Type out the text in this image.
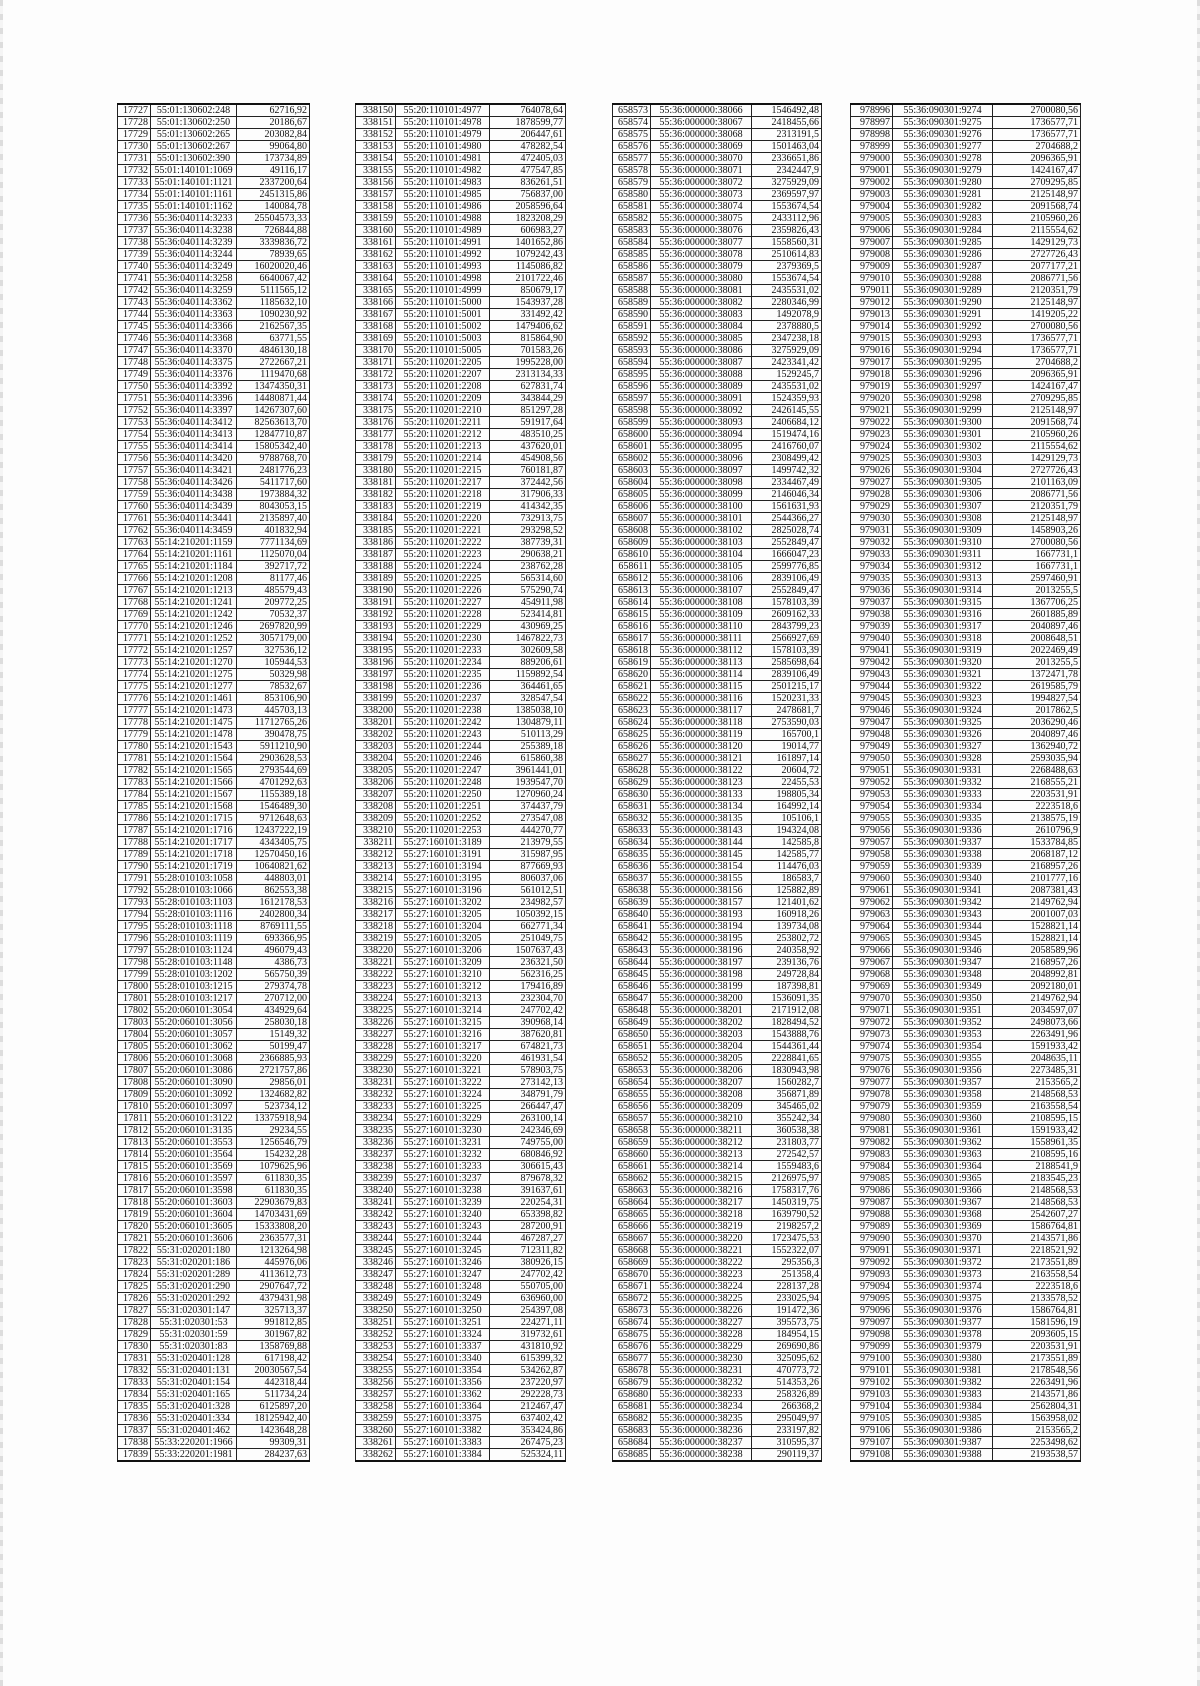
17727	55:01:130602:248	62716,92
17728	55:01:130602:250	20186,67
17729	55:01:130602:265	203082,84
17730	55:01:130602:267	99064,80
17731	55:01:130602:390	173734,89
17732	55:01:140101:1069	49116,17
17733	55:01:140101:1121	2337200,64
17734	55:01:140101:1161	2451315,86
17735	55:01:140101:1162	140084,78
17736	55:36:040114:3233	25504573,33
17737	55:36:040114:3238	726844,88
17738	55:36:040114:3239	3339836,72
17739	55:36:040114:3244	78939,65
17740	55:36:040114:3249	16020020,46
17741	55:36:040114:3258	6640067,42
17742	55:36:040114:3259	5111565,12
17743	55:36:040114:3362	1185632,10
17744	55:36:040114:3363	1090230,92
17745	55:36:040114:3366	2162567,35
17746	55:36:040114:3368	63771,55
17747	55:36:040114:3370	4846130,18
17748	55:36:040114:3375	2722667,21
17749	55:36:040114:3376	1119470,68
17750	55:36:040114:3392	13474350,31
17751	55:36:040114:3396	14480871,44
17752	55:36:040114:3397	14267307,60
17753	55:36:040114:3412	82563613,70
17754	55:36:040114:3413	12847710,87
17755	55:36:040114:3414	15805342,40
17756	55:36:040114:3420	9788768,70
17757	55:36:040114:3421	2481776,23
17758	55:36:040114:3426	5411717,60
17759	55:36:040114:3438	1973884,32
17760	55:36:040114:3439	8043053,15
17761	55:36:040114:3441	2135897,40
17762	55:36:040114:3459	401832,94
17763	55:14:210201:1159	7771134,69
17764	55:14:210201:1161	1125070,04
17765	55:14:210201:1184	392717,72
17766	55:14:210201:1208	81177,46
17767	55:14:210201:1213	485579,43
17768	55:14:210201:1241	209772,25
17769	55:14:210201:1242	70532,37
17770	55:14:210201:1246	2697820,99
17771	55:14:210201:1252	3057179,00
17772	55:14:210201:1257	327536,12
17773	55:14:210201:1270	105944,53
17774	55:14:210201:1275	50329,98
17775	55:14:210201:1277	78532,67
17776	55:14:210201:1461	853106,90
17777	55:14:210201:1473	445703,13
17778	55:14:210201:1475	11712765,26
17779	55:14:210201:1478	390478,75
17780	55:14:210201:1543	5911210,90
17781	55:14:210201:1564	2903628,53
17782	55:14:210201:1565	2793544,69
17783	55:14:210201:1566	4701292,63
17784	55:14:210201:1567	1155389,18
17785	55:14:210201:1568	1546489,30
17786	55:14:210201:1715	9712648,63
17787	55:14:210201:1716	12437222,19
17788	55:14:210201:1717	4343405,75
17789	55:14:210201:1718	12570450,16
17790	55:14:210201:1719	10640821,62
17791	55:28:010103:1058	448803,01
17792	55:28:010103:1066	862553,38
17793	55:28:010103:1103	1612178,53
17794	55:28:010103:1116	2402800,34
17795	55:28:010103:1118	8769111,55
17796	55:28:010103:1119	693366,95
17797	55:28:010103:1124	496079,43
17798	55:28:010103:1148	4386,73
17799	55:28:010103:1202	565750,39
17800	55:28:010103:1215	279374,78
17801	55:28:010103:1217	270712,00
17802	55:20:060101:3054	434929,64
17803	55:20:060101:3056	258030,18
17804	55:20:060101:3057	15149,32
17805	55:20:060101:3062	50199,47
17806	55:20:060101:3068	2366885,93
17807	55:20:060101:3086	2721757,86
17808	55:20:060101:3090	29856,01
17809	55:20:060101:3092	1324682,82
17810	55:20:060101:3097	523734,12
17811	55:20:060101:3122	13375918,94
17812	55:20:060101:3135	29234,55
17813	55:20:060101:3553	1256546,79
17814	55:20:060101:3564	154232,28
17815	55:20:060101:3569	1079625,96
17816	55:20:060101:3597	611830,35
17817	55:20:060101:3598	611830,35
17818	55:20:060101:3603	22903679,83
17819	55:20:060101:3604	14703431,69
17820	55:20:060101:3605	15333808,20
17821	55:20:060101:3606	2363577,31
17822	55:31:020201:180	1213264,98
17823	55:31:020201:186	445976,06
17824	55:31:020201:289	4113612,73
17825	55:31:020201:290	2907647,72
17826	55:31:020201:292	4379431,98
17827	55:31:020301:147	325713,37
17828	55:31:020301:53	991812,85
17829	55:31:020301:59	301967,82
17830	55:31:020301:83	1358769,88
17831	55:31:020401:128	617198,42
17832	55:31:020401:131	20030567,54
17833	55:31:020401:154	442318,44
17834	55:31:020401:165	511734,24
17835	55:31:020401:328	6125897,20
17836	55:31:020401:334	18125942,40
17837	55:31:020401:462	1423648,28
17838	55:33:220201:1966	99309,31
17839	55:33:220201:1981	284237,63
338150	55:20:110101:4977	764078,64
338151	55:20:110101:4978	1878599,77
338152	55:20:110101:4979	206447,61
338153	55:20:110101:4980	478282,54
338154	55:20:110101:4981	472405,03
338155	55:20:110101:4982	477547,85
338156	55:20:110101:4983	836261,51
338157	55:20:110101:4985	756837,00
338158	55:20:110101:4986	2058596,64
338159	55:20:110101:4988	1823208,29
338160	55:20:110101:4989	606983,27
338161	55:20:110101:4991	1401652,86
338162	55:20:110101:4992	1079242,43
338163	55:20:110101:4993	1145086,82
338164	55:20:110101:4998	2101722,46
338165	55:20:110101:4999	850679,17
338166	55:20:110101:5000	1543937,28
338167	55:20:110101:5001	331492,42
338168	55:20:110101:5002	1479406,62
338169	55:20:110101:5003	815864,90
338170	55:20:110101:5005	701583,26
338171	55:20:110201:2205	1995228,00
338172	55:20:110201:2207	2313134,33
338173	55:20:110201:2208	627831,74
338174	55:20:110201:2209	343844,29
338175	55:20:110201:2210	851297,28
338176	55:20:110201:2211	591917,64
338177	55:20:110201:2212	483510,25
338178	55:20:110201:2213	437620,01
338179	55:20:110201:2214	454908,56
338180	55:20:110201:2215	760181,87
338181	55:20:110201:2217	372442,56
338182	55:20:110201:2218	317906,33
338183	55:20:110201:2219	414342,35
338184	55:20:110201:2220	732913,75
338185	55:20:110201:2221	293298,52
338186	55:20:110201:2222	387739,31
338187	55:20:110201:2223	290638,21
338188	55:20:110201:2224	238762,28
338189	55:20:110201:2225	565314,60
338190	55:20:110201:2226	575290,74
338191	55:20:110201:2227	454911,98
338192	55:20:110201:2228	523414,81
338193	55:20:110201:2229	430969,25
338194	55:20:110201:2230	1467822,73
338195	55:20:110201:2233	302609,58
338196	55:20:110201:2234	889206,61
338197	55:20:110201:2235	1159892,54
338198	55:20:110201:2236	364461,65
338199	55:20:110201:2237	328547,54
338200	55:20:110201:2238	1385038,10
338201	55:20:110201:2242	1304879,11
338202	55:20:110201:2243	510113,29
338203	55:20:110201:2244	255389,18
338204	55:20:110201:2246	615860,38
338205	55:20:110201:2247	3961441,01
338206	55:20:110201:2248	1939547,70
338207	55:20:110201:2250	1270960,24
338208	55:20:110201:2251	374437,79
338209	55:20:110201:2252	273547,08
338210	55:20:110201:2253	444270,77
338211	55:27:160101:3189	213979,55
338212	55:27:160101:3191	315987,95
338213	55:27:160101:3194	877669,93
338214	55:27:160101:3195	806037,06
338215	55:27:160101:3196	561012,51
338216	55:27:160101:3202	234982,57
338217	55:27:160101:3205	1050392,15
338218	55:27:160101:3204	662771,34
338219	55:27:160101:3205	251049,75
338220	55:27:160101:3206	1507637,43
338221	55:27:160101:3209	236321,50
338222	55:27:160101:3210	562316,25
338223	55:27:160101:3212	179416,89
338224	55:27:160101:3213	232304,70
338225	55:27:160101:3214	247702,42
338226	55:27:160101:3215	390968,14
338227	55:27:160101:3216	387620,81
338228	55:27:160101:3217	674821,73
338229	55:27:160101:3220	461931,54
338230	55:27:160101:3221	578903,75
338231	55:27:160101:3222	273142,13
338232	55:27:160101:3224	348791,79
338233	55:27:160101:3225	266447,47
338234	55:27:160101:3229	263100,14
338235	55:27:160101:3230	242346,69
338236	55:27:160101:3231	749755,00
338237	55:27:160101:3232	680846,92
338238	55:27:160101:3233	306615,43
338239	55:27:160101:3237	879678,32
338240	55:27:160101:3238	391637,61
338241	55:27:160101:3239	220254,31
338242	55:27:160101:3240	653398,82
338243	55:27:160101:3243	287200,91
338244	55:27:160101:3244	467287,27
338245	55:27:160101:3245	712311,82
338246	55:27:160101:3246	380926,15
338247	55:27:160101:3247	247702,42
338248	55:27:160101:3248	550705,00
338249	55:27:160101:3249	636960,00
338250	55:27:160101:3250	254397,08
338251	55:27:160101:3251	224271,11
338252	55:27:160101:3324	319732,61
338253	55:27:160101:3337	431810,92
338254	55:27:160101:3340	615399,32
338255	55:27:160101:3354	534262,87
338256	55:27:160101:3356	237220,97
338257	55:27:160101:3362	292228,73
338258	55:27:160101:3364	212467,47
338259	55:27:160101:3375	637402,42
338260	55:27:160101:3382	353424,86
338261	55:27:160101:3383	267475,23
338262	55:27:160101:3384	525324,11
658573	55:36:000000:38066	1546492,48
658574	55:36:000000:38067	2418455,66
658575	55:36:000000:38068	2313191,5
658576	55:36:000000:38069	1501463,04
658577	55:36:000000:38070	2336651,86
658578	55:36:000000:38071	2342447,9
658579	55:36:000000:38072	3275929,09
658580	55:36:000000:38073	2369597,97
658581	55:36:000000:38074	1553674,54
658582	55:36:000000:38075	2433112,96
658583	55:36:000000:38076	2359826,43
658584	55:36:000000:38077	1558560,31
658585	55:36:000000:38078	2510614,83
658586	55:36:000000:38079	2379369,5
658587	55:36:000000:38080	1553674,54
658588	55:36:000000:38081	2435531,02
658589	55:36:000000:38082	2280346,99
658590	55:36:000000:38083	1492078,9
658591	55:36:000000:38084	2378880,5
658592	55:36:000000:38085	2347238,18
658593	55:36:000000:38086	3275929,09
658594	55:36:000000:38087	2423341,42
658595	55:36:000000:38088	1529245,7
658596	55:36:000000:38089	2435531,02
658597	55:36:000000:38091	1524359,93
658598	55:36:000000:38092	2426145,55
658599	55:36:000000:38093	2406684,12
658600	55:36:000000:38094	1519474,16
658601	55:36:000000:38095	2416760,07
658602	55:36:000000:38096	2308499,42
658603	55:36:000000:38097	1499742,32
658604	55:36:000000:38098	2334467,49
658605	55:36:000000:38099	2146046,34
658606	55:36:000000:38100	1561631,93
658607	55:36:000000:38101	2544366,27
658608	55:36:000000:38102	2825028,74
658609	55:36:000000:38103	2552849,47
658610	55:36:000000:38104	1666047,23
658611	55:36:000000:38105	2599776,85
658612	55:36:000000:38106	2839106,49
658613	55:36:000000:38107	2552849,47
658614	55:36:000000:38108	1578103,39
658615	55:36:000000:38109	2609162,33
658616	55:36:000000:38110	2843799,23
658617	55:36:000000:38111	2566927,69
658618	55:36:000000:38112	1578103,39
658619	55:36:000000:38113	2585698,64
658620	55:36:000000:38114	2839106,49
658621	55:36:000000:38115	2501215,17
658622	55:36:000000:38116	1520231,33
658623	55:36:000000:38117	2478681,7
658624	55:36:000000:38118	2753590,03
658625	55:36:000000:38119	165700,1
658626	55:36:000000:38120	19014,77
658627	55:36:000000:38121	161897,14
658628	55:36:000000:38122	20604,72
658629	55:36:000000:38123	22455,53
658630	55:36:000000:38133	198805,34
658631	55:36:000000:38134	164992,14
658632	55:36:000000:38135	105106,1
658633	55:36:000000:38143	194324,08
658634	55:36:000000:38144	142585,8
658635	55:36:000000:38145	142585,77
658636	55:36:000000:38154	114476,03
658637	55:36:000000:38155	186583,7
658638	55:36:000000:38156	125882,89
658639	55:36:000000:38157	121401,62
658640	55:36:000000:38193	160918,26
658641	55:36:000000:38194	139734,08
658642	55:36:000000:38195	253802,72
658643	55:36:000000:38196	240358,92
658644	55:36:000000:38197	239136,76
658645	55:36:000000:38198	249728,84
658646	55:36:000000:38199	187398,81
658647	55:36:000000:38200	1536091,35
658648	55:36:000000:38201	2171912,08
658649	55:36:000000:38202	1828494,52
658650	55:36:000000:38203	1543888,76
658651	55:36:000000:38204	1544361,44
658652	55:36:000000:38205	2228841,65
658653	55:36:000000:38206	1830943,98
658654	55:36:000000:38207	1560282,7
658655	55:36:000000:38208	356871,89
658656	55:36:000000:38209	345465,02
658657	55:36:000000:38210	355242,34
658658	55:36:000000:38211	360538,38
658659	55:36:000000:38212	231803,77
658660	55:36:000000:38213	272542,57
658661	55:36:000000:38214	1559483,6
658662	55:36:000000:38215	2126975,97
658663	55:36:000000:38216	1758317,76
658664	55:36:000000:38217	1450319,75
658665	55:36:000000:38218	1639790,52
658666	55:36:000000:38219	2198257,2
658667	55:36:000000:38220	1723475,53
658668	55:36:000000:38221	1552322,07
658669	55:36:000000:38222	295356,3
658670	55:36:000000:38223	251358,4
658671	55:36:000000:38224	228137,28
658672	55:36:000000:38225	233025,94
658673	55:36:000000:38226	191472,36
658674	55:36:000000:38227	395573,75
658675	55:36:000000:38228	184954,15
658676	55:36:000000:38229	269690,86
658677	55:36:000000:38230	325095,62
658678	55:36:000000:38231	470773,72
658679	55:36:000000:38232	514353,26
658680	55:36:000000:38233	258326,89
658681	55:36:000000:38234	266368,2
658682	55:36:000000:38235	295049,97
658683	55:36:000000:38236	233197,82
658684	55:36:000000:38237	310595,37
658685	55:36:000000:38238	290119,37
978996	55:36:090301:9274	2700080,56
978997	55:36:090301:9275	1736577,71
978998	55:36:090301:9276	1736577,71
978999	55:36:090301:9277	2704688,2
979000	55:36:090301:9278	2096365,91
979001	55:36:090301:9279	1424167,47
979002	55:36:090301:9280	2709295,85
979003	55:36:090301:9281	2125148,97
979004	55:36:090301:9282	2091568,74
979005	55:36:090301:9283	2105960,26
979006	55:36:090301:9284	2115554,62
979007	55:36:090301:9285	1429129,73
979008	55:36:090301:9286	2727726,43
979009	55:36:090301:9287	2077177,21
979010	55:36:090301:9288	2086771,56
979011	55:36:090301:9289	2120351,79
979012	55:36:090301:9290	2125148,97
979013	55:36:090301:9291	1419205,22
979014	55:36:090301:9292	2700080,56
979015	55:36:090301:9293	1736577,71
979016	55:36:090301:9294	1736577,71
979017	55:36:090301:9295	2704688,2
979018	55:36:090301:9296	2096365,91
979019	55:36:090301:9297	1424167,47
979020	55:36:090301:9298	2709295,85
979021	55:36:090301:9299	2125148,97
979022	55:36:090301:9300	2091568,74
979023	55:36:090301:9301	2105960,26
979024	55:36:090301:9302	2115554,62
979025	55:36:090301:9303	1429129,73
979026	55:36:090301:9304	2727726,43
979027	55:36:090301:9305	2101163,09
979028	55:36:090301:9306	2086771,56
979029	55:36:090301:9307	2120351,79
979030	55:36:090301:9308	2125148,97
979031	55:36:090301:9309	1458903,26
979032	55:36:090301:9310	2700080,56
979033	55:36:090301:9311	1667731,1
979034	55:36:090301:9312	1667731,1
979035	55:36:090301:9313	2597460,91
979036	55:36:090301:9314	2013255,5
979037	55:36:090301:9315	1367706,25
979038	55:36:090301:9316	2601885,89
979039	55:36:090301:9317	2040897,46
979040	55:36:090301:9318	2008648,51
979041	55:36:090301:9319	2022469,49
979042	55:36:090301:9320	2013255,5
979043	55:36:090301:9321	1372471,78
979044	55:36:090301:9322	2619585,79
979045	55:36:090301:9323	1994827,54
979046	55:36:090301:9324	2017862,5
979047	55:36:090301:9325	2036290,46
979048	55:36:090301:9326	2040897,46
979049	55:36:090301:9327	1362940,72
979050	55:36:090301:9328	2593035,94
979051	55:36:090301:9331	2268488,63
979052	55:36:090301:9332	2168555,21
979053	55:36:090301:9333	2203531,91
979054	55:36:090301:9334	2223518,6
979055	55:36:090301:9335	2138575,19
979056	55:36:090301:9336	2610796,9
979057	55:36:090301:9337	1533784,85
979058	55:36:090301:9338	2068187,12
979059	55:36:090301:9339	2168957,26
979060	55:36:090301:9340	2101777,16
979061	55:36:090301:9341	2087381,43
979062	55:36:090301:9342	2149762,94
979063	55:36:090301:9343	2001007,03
979064	55:36:090301:9344	1528821,14
979065	55:36:090301:9345	1528821,14
979066	55:36:090301:9346	2058589,96
979067	55:36:090301:9347	2168957,26
979068	55:36:090301:9348	2048992,81
979069	55:36:090301:9349	2092180,01
979070	55:36:090301:9350	2149762,94
979071	55:36:090301:9351	2034597,07
979072	55:36:090301:9352	2498073,66
979073	55:36:090301:9353	2263491,96
979074	55:36:090301:9354	1591933,42
979075	55:36:090301:9355	2048635,11
979076	55:36:090301:9356	2273485,31
979077	55:36:090301:9357	2153565,2
979078	55:36:090301:9358	2148568,53
979079	55:36:090301:9359	2163558,54
979080	55:36:090301:9360	2108595,15
979081	55:36:090301:9361	1591933,42
979082	55:36:090301:9362	1558961,35
979083	55:36:090301:9363	2108595,16
979084	55:36:090301:9364	2188541,9
979085	55:36:090301:9365	2183545,23
979086	55:36:090301:9366	2148568,53
979087	55:36:090301:9367	2148568,53
979088	55:36:090301:9368	2542607,27
979089	55:36:090301:9369	1586764,81
979090	55:36:090301:9370	2143571,86
979091	55:36:090301:9371	2218521,92
979092	55:36:090301:9372	2173551,89
979093	55:36:090301:9373	2163558,54
979094	55:36:090301:9374	2223518,6
979095	55:36:090301:9375	2133578,52
979096	55:36:090301:9376	1586764,81
979097	55:36:090301:9377	1581596,19
979098	55:36:090301:9378	2093605,15
979099	55:36:090301:9379	2203531,91
979100	55:36:090301:9380	2173551,89
979101	55:36:090301:9381	2178548,56
979102	55:36:090301:9382	2263491,96
979103	55:36:090301:9383	2143571,86
979104	55:36:090301:9384	2562804,31
979105	55:36:090301:9385	1563958,02
979106	55:36:090301:9386	2153565,2
979107	55:36:090301:9387	2253498,62
979108	55:36:090301:9388	2193538,57
